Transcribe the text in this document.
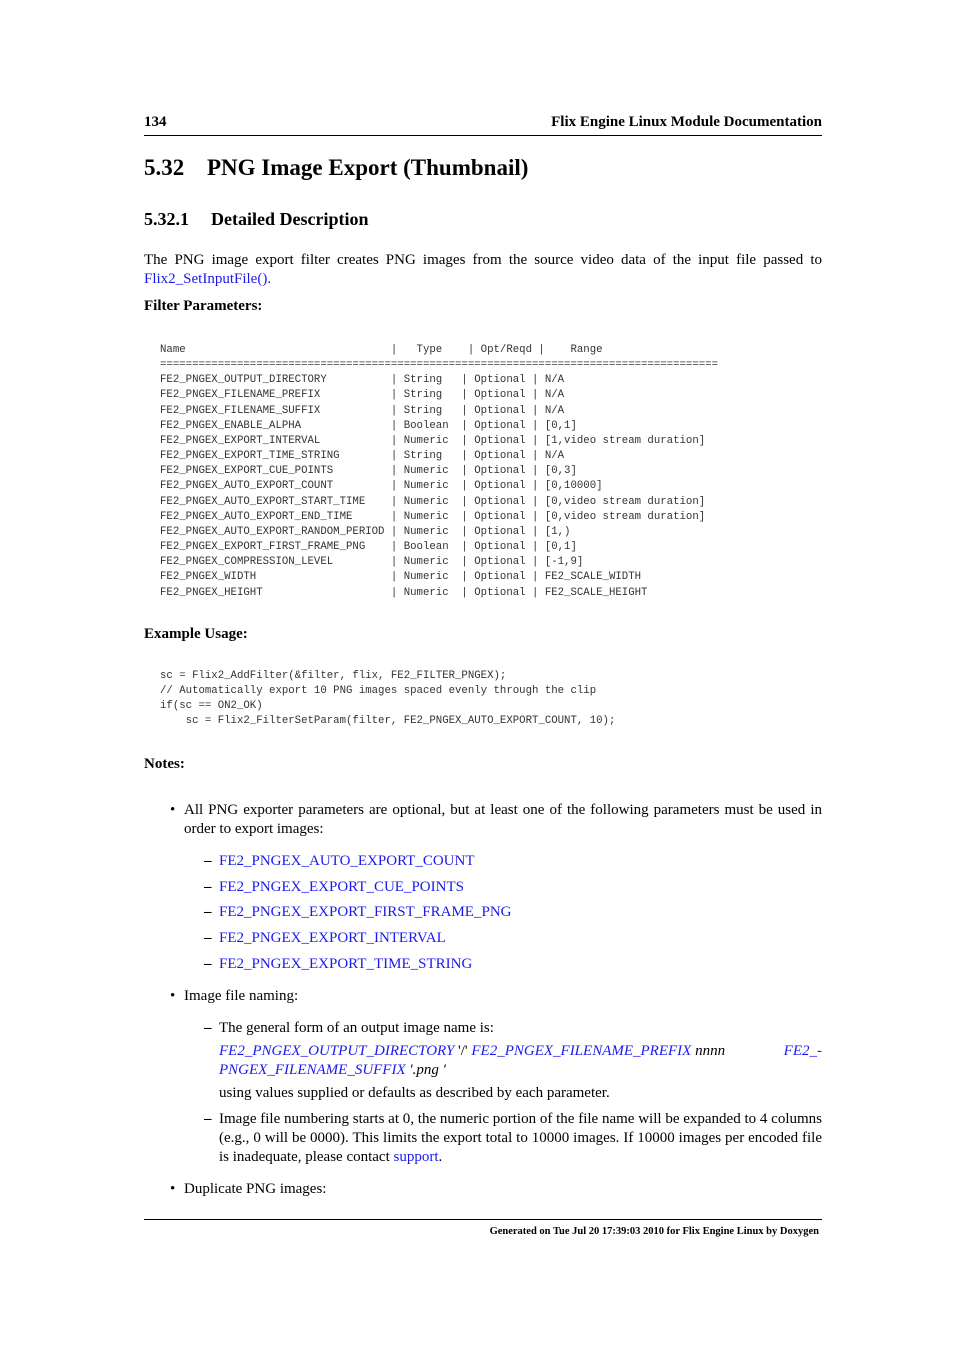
134	Flix Engine Linux Module Documentation
5.32 PNG Image Export (Thumbnail)
5.32.1 Detailed Description

The PNG image export filter creates PNG images from the source video data of the input file passed to Flix2_SetInputFile().

Filter Parameters:

Name                                |   Type    | Opt/Reqd |    Range
=======================================================================================
FE2_PNGEX_OUTPUT_DIRECTORY          | String   | Optional | N/A
FE2_PNGEX_FILENAME_PREFIX           | String   | Optional | N/A
FE2_PNGEX_FILENAME_SUFFIX           | String   | Optional | N/A
FE2_PNGEX_ENABLE_ALPHA              | Boolean  | Optional | [0,1]
FE2_PNGEX_EXPORT_INTERVAL           | Numeric  | Optional | [1,video stream duration]
FE2_PNGEX_EXPORT_TIME_STRING        | String   | Optional | N/A
FE2_PNGEX_EXPORT_CUE_POINTS         | Numeric  | Optional | [0,3]
FE2_PNGEX_AUTO_EXPORT_COUNT         | Numeric  | Optional | [0,10000]
FE2_PNGEX_AUTO_EXPORT_START_TIME    | Numeric  | Optional | [0,video stream duration]
FE2_PNGEX_AUTO_EXPORT_END_TIME      | Numeric  | Optional | [0,video stream duration]
FE2_PNGEX_AUTO_EXPORT_RANDOM_PERIOD | Numeric  | Optional | [1,)
FE2_PNGEX_EXPORT_FIRST_FRAME_PNG    | Boolean  | Optional | [0,1]
FE2_PNGEX_COMPRESSION_LEVEL         | Numeric  | Optional | [-1,9]
FE2_PNGEX_WIDTH                     | Numeric  | Optional | FE2_SCALE_WIDTH
FE2_PNGEX_HEIGHT                    | Numeric  | Optional | FE2_SCALE_HEIGHT

Example Usage:

sc = Flix2_AddFilter(&filter, flix, FE2_FILTER_PNGEX);
// Automatically export 10 PNG images spaced evenly through the clip
if(sc == ON2_OK)
sc = Flix2_FilterSetParam(filter, FE2_PNGEX_AUTO_EXPORT_COUNT, 10);

Notes:

• All PNG exporter parameters are optional, but at least one of the following parameters must be used in order to export images:
– FE2_PNGEX_AUTO_EXPORT_COUNT
– FE2_PNGEX_EXPORT_CUE_POINTS
– FE2_PNGEX_EXPORT_FIRST_FRAME_PNG
– FE2_PNGEX_EXPORT_INTERVAL
– FE2_PNGEX_EXPORT_TIME_STRING
• Image file naming:
– The general form of an output image name is:
FE2_PNGEX_OUTPUT_DIRECTORY '/' FE2_PNGEX_FILENAME_PREFIX nnnn	FE2_-
PNGEX_FILENAME_SUFFIX '.png '
using values supplied or defaults as described by each parameter.
– Image file numbering starts at 0, the numeric portion of the file name will be expanded to 4 columns (e.g., 0 will be 0000). This limits the export total to 10000 images. If 10000 images per encoded file is inadequate, please contact support.
• Duplicate PNG images:
Generated on Tue Jul 20 17:39:03 2010 for Flix Engine Linux by Doxygen
